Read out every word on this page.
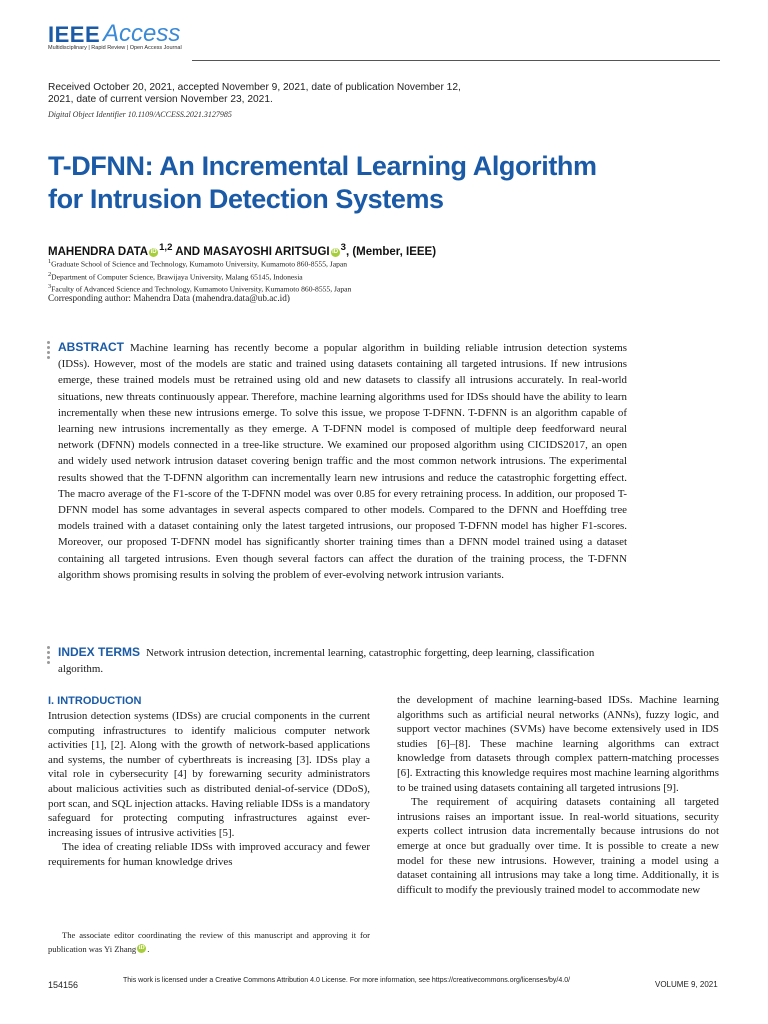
IEEE Access
Multidisciplinary | Rapid Review | Open Access Journal
Received October 20, 2021, accepted November 9, 2021, date of publication November 12, 2021, date of current version November 23, 2021.
Digital Object Identifier 10.1109/ACCESS.2021.3127985
T-DFNN: An Incremental Learning Algorithm
for Intrusion Detection Systems
MAHENDRA DATA iD $^{1,2}$ AND MASAYOSHI ARITSUGI iD $^3$, (Member, IEEE)
$^1$Graduate School of Science and Technology, Kumamoto University, Kumamoto 860-8555, Japan
$^2$Department of Computer Science, Brawijaya University, Malang 65145, Indonesia
$^3$Faculty of Advanced Science and Technology, Kumamoto University, Kumamoto 860-8555, Japan
Corresponding author: Mahendra Data (mahendra.data@ub.ac.id)
ABSTRACT Machine learning has recently become a popular algorithm in building reliable intrusion detection systems (IDSs). However, most of the models are static and trained using datasets containing all targeted intrusions. If new intrusions emerge, these trained models must be retrained using old and new datasets to classify all intrusions accurately. In real-world situations, new threats continuously appear. Therefore, machine learning algorithms used for IDSs should have the ability to learn incrementally when these new intrusions emerge. To solve this issue, we propose T-DFNN. T-DFNN is an algorithm capable of learning new intrusions incrementally as they emerge. A T-DFNN model is composed of multiple deep feedforward neural network (DFNN) models connected in a tree-like structure. We examined our proposed algorithm using CICIDS2017, an open and widely used network intrusion dataset covering benign traffic and the most common network intrusions. The experimental results showed that the T-DFNN algorithm can incrementally learn new intrusions and reduce the catastrophic forgetting effect. The macro average of the F1-score of the T-DFNN model was over 0.85 for every retraining process. In addition, our proposed T-DFNN model has some advantages in several aspects compared to other models. Compared to the DFNN and Hoeffding tree models trained with a dataset containing only the latest targeted intrusions, our proposed T-DFNN model has higher F1-scores. Moreover, our proposed T-DFNN model has significantly shorter training times than a DFNN model trained using a dataset containing all targeted intrusions. Even though several factors can affect the duration of the training process, the T-DFNN algorithm shows promising results in solving the problem of ever-evolving network intrusion variants.
INDEX TERMS Network intrusion detection, incremental learning, catastrophic forgetting, deep learning, classification algorithm.
I. INTRODUCTION

Intrusion detection systems (IDSs) are crucial components in the current computing infrastructures to identify malicious computer network activities [1], [2]. Along with the growth of network-based applications and systems, the number of cyberthreats is increasing [3]. IDSs play a vital role in cybersecurity [4] by forewarning security administrators about malicious activities such as distributed denial-of-service (DDoS), port scan, and SQL injection attacks. Having reliable IDSs is a mandatory safeguard for protecting computing infrastructures against ever-increasing issues of intrusive activities [5].

The idea of creating reliable IDSs with improved accuracy and fewer requirements for human knowledge drives

The associate editor coordinating the review of this manuscript and approving it for publication was Yi Zhang iD .

the development of machine learning-based IDSs. Machine learning algorithms such as artificial neural networks (ANNs), fuzzy logic, and support vector machines (SVMs) have become extensively used in IDS studies [6]–[8]. These machine learning algorithms can extract knowledge from datasets through complex pattern-matching processes [6]. Extracting this knowledge requires most machine learning algorithms to be trained using datasets containing all targeted intrusions [9].

The requirement of acquiring datasets containing all targeted intrusions raises an important issue. In real-world situations, security experts collect intrusion data incrementally because intrusions do not emerge at once but gradually over time. It is possible to create a new model for these new intrusions. However, training a model using a dataset containing all intrusions may take a long time. Additionally, it is difficult to modify the previously trained model to accommodate new

154156	This work is licensed under a Creative Commons Attribution 4.0 License. For more information, see https://creativecommons.org/licenses/by/4.0/	VOLUME 9, 2021
